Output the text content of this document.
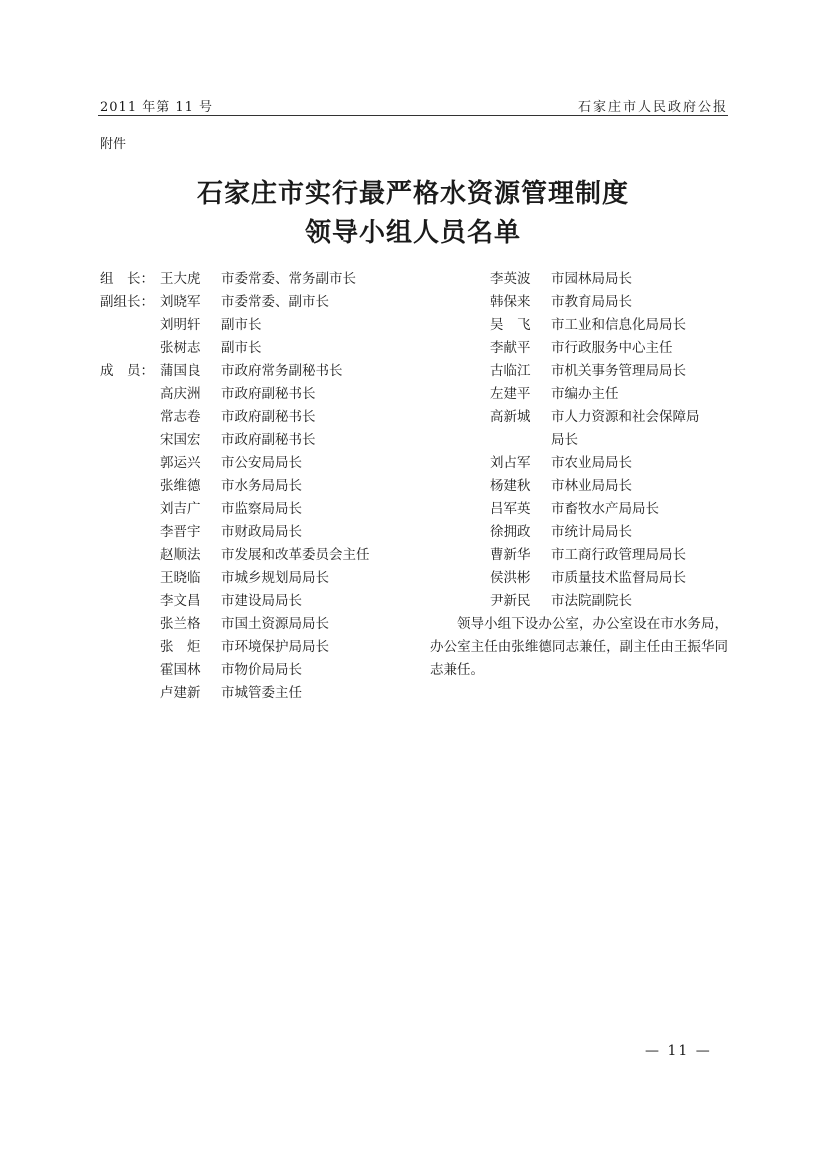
2011 年第 11 号	石家庄市人民政府公报
附件
石家庄市实行最严格水资源管理制度
领导小组人员名单
组　长： 王大虎	市委常委、常务副市长
副组长： 刘晓军	市委常委、副市长
刘明轩	副市长
张树志	副市长
成　员： 蒲国良	市政府常务副秘书长
高庆洲	市政府副秘书长
常志卷	市政府副秘书长
宋国宏	市政府副秘书长
郭运兴	市公安局局长
张维德	市水务局局长
刘吉广	市监察局局长
李晋宇	市财政局局长
赵顺法	市发展和改革委员会主任
王晓临	市城乡规划局局长
李文昌	市建设局局长
张兰格	市国土资源局局长
张　炬	市环境保护局局长
霍国林	市物价局局长
卢建新	市城管委主任
李英波	市园林局局长
韩保来	市教育局局长
吴　飞	市工业和信息化局局长
李献平	市行政服务中心主任
古临江	市机关事务管理局局长
左建平	市编办主任
高新城	市人力资源和社会保障局
局长
刘占军	市农业局局长
杨建秋	市林业局局长
吕军英	市畜牧水产局局长
徐拥政	市统计局局长
曹新华	市工商行政管理局局长
侯洪彬	市质量技术监督局局长
尹新民	市法院副院长
领导小组下设办公室，办公室设在市水务局，办公室主任由张维德同志兼任，副主任由王振华同志兼任。
— 11 —
